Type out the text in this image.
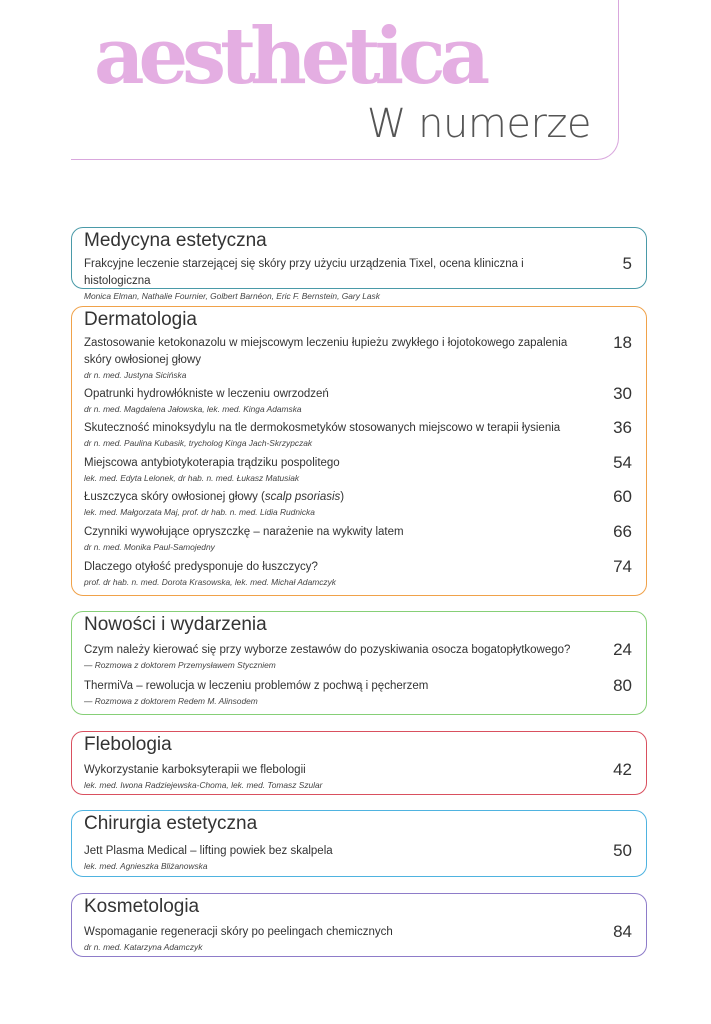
aesthetica
W numerze
Medycyna estetyczna
Frakcyjne leczenie starzejącej się skóry przy użyciu urządzenia Tixel, ocena kliniczna i histologiczna
Monica Elman, Nathalie Fournier, Golbert Barnéon, Eric F. Bernstein, Gary Lask
5
Dermatologia
Zastosowanie ketokonazolu w miejscowym leczeniu łupieżu zwykłego i łojotokowego zapalenia skóry owłosionej głowy
dr n. med. Justyna Sicińska
18
Opatrunki hydrowłókniste w leczeniu owrzodzeń
dr n. med. Magdalena Jałowska, lek. med. Kinga Adamska
30
Skuteczność minoksydylu na tle dermokosmetyków stosowanych miejscowo w terapii łysienia
dr n. med. Paulina Kubasik, trycholog Kinga Jach-Skrzypczak
36
Miejscowa antybiotykoterapia trądziku pospolitego
lek. med. Edyta Lelonek, dr hab. n. med. Łukasz Matusiak
54
Łuszczyca skóry owłosionej głowy (scalp psoriasis)
lek. med. Małgorzata Maj, prof. dr hab. n. med. Lidia Rudnicka
60
Czynniki wywołujące opryszczkę – narażenie na wykwity latem
dr n. med. Monika Paul-Samojedny
66
Dlaczego otyłość predysponuje do łuszczycy?
prof. dr hab. n. med. Dorota Krasowska, lek. med. Michał Adamczyk
74
Nowości i wydarzenia
Czym należy kierować się przy wyborze zestawów do pozyskiwania osocza bogatopłytkowego?
— Rozmowa z doktorem Przemysławem Styczniem
24
ThermiVa – rewolucja w leczeniu problemów z pochwą i pęcherzem
— Rozmowa z doktorem Redem M. Alinsodem
80
Flebologia
Wykorzystanie karboksyterapii we flebologii
lek. med. Iwona Radziejewska-Choma, lek. med. Tomasz Szular
42
Chirurgia estetyczna
Jett Plasma Medical – lifting powiek bez skalpela
lek. med. Agnieszka Bliżanowska
50
Kosmetologia
Wspomaganie regeneracji skóry po peelingach chemicznych
dr n. med. Katarzyna Adamczyk
84
